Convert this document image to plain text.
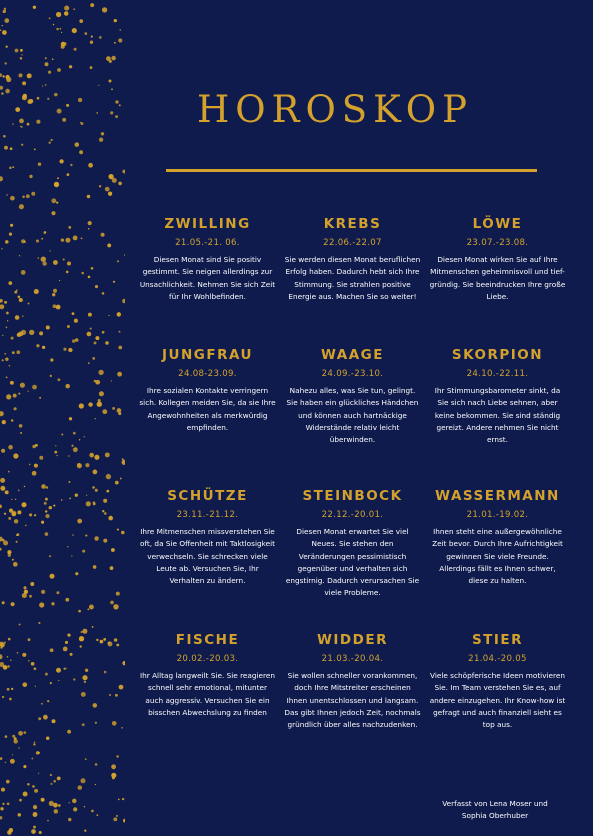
HOROSKOP
ZWILLING
21.05.-21. 06.
Diesen Monat sind Sie positiv gestimmt. Sie neigen allerdings zur Unsachlichkeit. Nehmen Sie sich Zeit für Ihr Wohlbefinden.
KREBS
22.06.-22.07
Sie werden diesen Monat beruflichen Erfolg haben. Dadurch hebt sich Ihre Stimmung. Sie strahlen positive Energie aus. Machen Sie so weiter!
LÖWE
23.07.-23.08.
Diesen Monat wirken Sie auf Ihre Mitmenschen geheimnisvoll und tief- gründig. Sie beeindrucken Ihre große Liebe.
JUNGFRAU
24.08-23.09.
Ihre sozialen Kontakte verringern sich. Kollegen meiden Sie, da sie Ihre Angewohnheiten als merkwürdig empfinden.
WAAGE
24.09.-23.10.
Nahezu alles, was Sie tun, gelingt. Sie haben ein glückliches Händchen und können auch hartnäckige Widerstände relativ leicht überwinden.
SKORPION
24.10.-22.11.
Ihr Stimmungsbarometer sinkt, da Sie sich nach Liebe sehnen, aber keine bekommen. Sie sind ständig gereizt. Andere nehmen Sie nicht ernst.
SCHÜTZE
23.11.-21.12.
Ihre Mitmenschen missverstehen Sie oft, da Sie Offenheit mit Taktlosigkeit verwechseln. Sie schrecken viele Leute ab. Versuchen Sie, Ihr Verhalten zu ändern.
STEINBOCK
22.12.-20.01.
Diesen Monat erwartet Sie viel Neues. Sie stehen den Veränderungen pessimistisch gegenüber und verhalten sich engstirnig. Dadurch verursachen Sie viele Probleme.
WASSERMANN
21.01.-19.02.
Ihnen steht eine außergewöhnliche Zeit bevor. Durch Ihre Aufrichtigkeit gewinnen Sie viele Freunde. Allerdings fällt es Ihnen schwer, diese zu halten.
FISCHE
20.02.-20.03.
Ihr Alltag langweilt Sie. Sie reagieren schnell sehr emotional, mitunter auch aggressiv. Versuchen Sie ein bisschen Abwechslung zu finden
WIDDER
21.03.-20.04.
Sie wollen schneller vorankommen, doch Ihre Mitstreiter erscheinen Ihnen unentschlossen und langsam. Das gibt Ihnen jedoch Zeit, nochmals gründlich über alles nachzudenken.
STIER
21.04.-20.05
Viele schöpferische Ideen motivieren Sie. Im Team verstehen Sie es, auf andere einzugehen. Ihr Know-how ist gefragt und auch finanziell sieht es top aus.
Verfasst von Lena Moser und
Sophia Oberhuber
